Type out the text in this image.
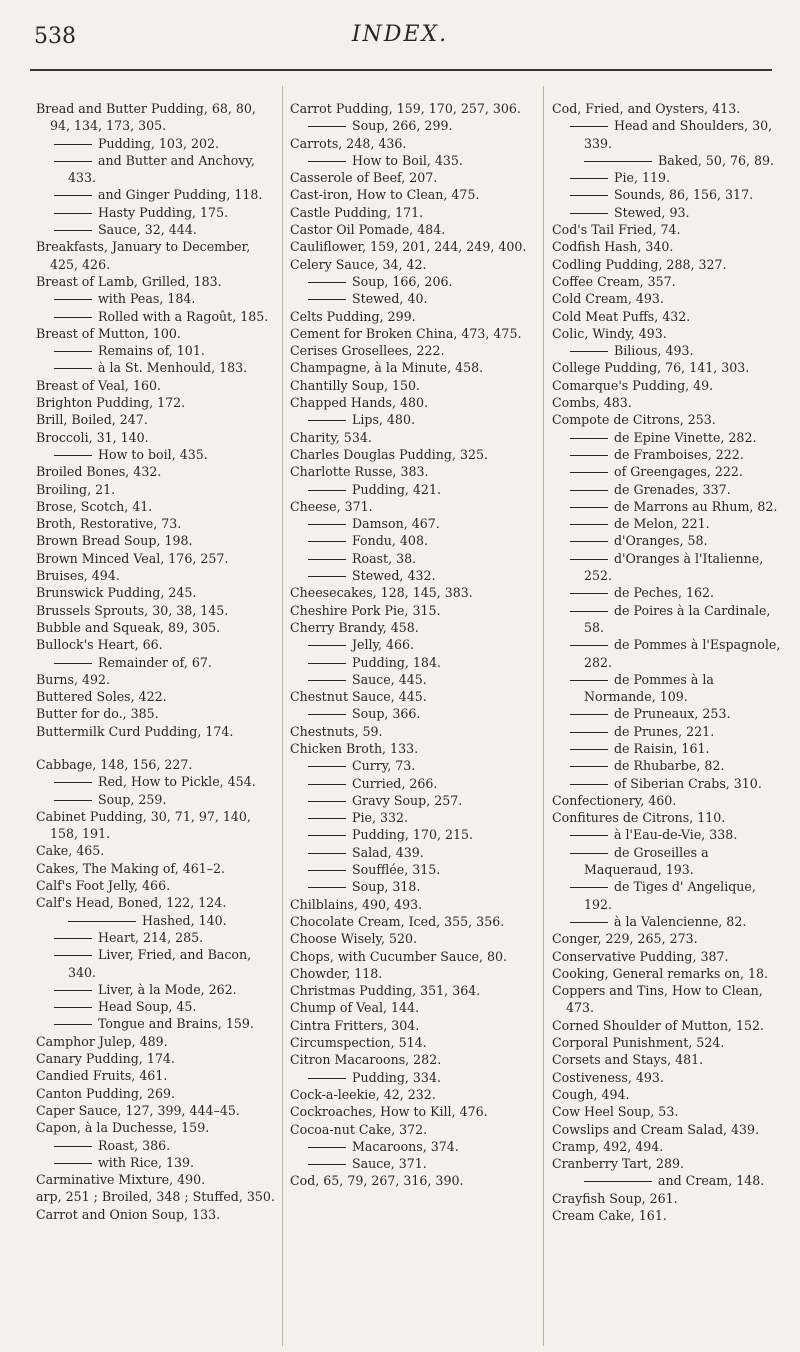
538	INDEX.
Bread and Butter Pudding, 68, 80, 94, 134, 173, 305.
Pudding, 103, 202.
and Butter and Anchovy, 433.
and Ginger Pudding, 118.
Hasty Pudding, 175.
Sauce, 32, 444.
Breakfasts, January to December, 425, 426.
Breast of Lamb, Grilled, 183.
with Peas, 184.
Rolled with a Ragoût, 185.
Breast of Mutton, 100.
Remains of, 101.
à la St. Menhould, 183.
Breast of Veal, 160.
Brighton Pudding, 172.
Brill, Boiled, 247.
Broccoli, 31, 140.
How to boil, 435.
Broiled Bones, 432.
Broiling, 21.
Brose, Scotch, 41.
Broth, Restorative, 73.
Brown Bread Soup, 198.
Brown Minced Veal, 176, 257.
Bruises, 494.
Brunswick Pudding, 245.
Brussels Sprouts, 30, 38, 145.
Bubble and Squeak, 89, 305.
Bullock's Heart, 66.
Remainder of, 67.
Burns, 492.
Buttered Soles, 422.
Butter for do., 385.
Buttermilk Curd Pudding, 174.
Cabbage, 148, 156, 227.
Red, How to Pickle, 454.
Soup, 259.
Cabinet Pudding, 30, 71, 97, 140, 158, 191.
Cake, 465.
Cakes, The Making of, 461–2.
Calf's Foot Jelly, 466.
Calf's Head, Boned, 122, 124.
Hashed, 140.
Heart, 214, 285.
Liver, Fried, and Bacon, 340.
Liver, à la Mode, 262.
Head Soup, 45.
Tongue and Brains, 159.
Camphor Julep, 489.
Canary Pudding, 174.
Candied Fruits, 461.
Canton Pudding, 269.
Caper Sauce, 127, 399, 444–45.
Capon, à la Duchesse, 159.
Roast, 386.
with Rice, 139.
Carminative Mixture, 490.
arp, 251 ; Broiled, 348 ; Stuffed, 350.
Carrot and Onion Soup, 133.
Carrot Pudding, 159, 170, 257, 306.
Soup, 266, 299.
Carrots, 248, 436.
How to Boil, 435.
Casserole of Beef, 207.
Cast-iron, How to Clean, 475.
Castle Pudding, 171.
Castor Oil Pomade, 484.
Cauliflower, 159, 201, 244, 249, 400.
Celery Sauce, 34, 42.
Soup, 166, 206.
Stewed, 40.
Celts Pudding, 299.
Cement for Broken China, 473, 475.
Cerises Grosellees, 222.
Champagne, à la Minute, 458.
Chantilly Soup, 150.
Chapped Hands, 480.
Lips, 480.
Charity, 534.
Charles Douglas Pudding, 325.
Charlotte Russe, 383.
Pudding, 421.
Cheese, 371.
Damson, 467.
Fondu, 408.
Roast, 38.
Stewed, 432.
Cheesecakes, 128, 145, 383.
Cheshire Pork Pie, 315.
Cherry Brandy, 458.
Jelly, 466.
Pudding, 184.
Sauce, 445.
Chestnut Sauce, 445.
Soup, 366.
Chestnuts, 59.
Chicken Broth, 133.
Curry, 73.
Curried, 266.
Gravy Soup, 257.
Pie, 332.
Pudding, 170, 215.
Salad, 439.
Soufflée, 315.
Soup, 318.
Chilblains, 490, 493.
Chocolate Cream, Iced, 355, 356.
Choose Wisely, 520.
Chops, with Cucumber Sauce, 80.
Chowder, 118.
Christmas Pudding, 351, 364.
Chump of Veal, 144.
Cintra Fritters, 304.
Circumspection, 514.
Citron Macaroons, 282.
Pudding, 334.
Cock-a-leekie, 42, 232.
Cockroaches, How to Kill, 476.
Cocoa-nut Cake, 372.
Macaroons, 374.
Sauce, 371.
Cod, 65, 79, 267, 316, 390.
Cod, Fried, and Oysters, 413.
Head and Shoulders, 30, 339.
Baked, 50, 76, 89.
Pie, 119.
Sounds, 86, 156, 317.
Stewed, 93.
Cod's Tail Fried, 74.
Codfish Hash, 340.
Codling Pudding, 288, 327.
Coffee Cream, 357.
Cold Cream, 493.
Cold Meat Puffs, 432.
Colic, Windy, 493.
Bilious, 493.
College Pudding, 76, 141, 303.
Comarque's Pudding, 49.
Combs, 483.
Compote de Citrons, 253.
de Epine Vinette, 282.
de Framboises, 222.
of Greengages, 222.
de Grenades, 337.
de Marrons au Rhum, 82.
de Melon, 221.
d'Oranges, 58.
d'Oranges à l'Italienne, 252.
de Peches, 162.
de Poires à la Cardinale, 58.
de Pommes à l'Espagnole, 282.
de Pommes à la Normande, 109.
de Pruneaux, 253.
de Prunes, 221.
de Raisin, 161.
de Rhubarbe, 82.
of Siberian Crabs, 310.
Confectionery, 460.
Confitures de Citrons, 110.
à l'Eau-de-Vie, 338.
de Groseilles a Maqueraud, 193.
de Tiges d' Angelique, 192.
à la Valencienne, 82.
Conger, 229, 265, 273.
Conservative Pudding, 387.
Cooking, General remarks on, 18.
Coppers and Tins, How to Clean, 473.
Corned Shoulder of Mutton, 152.
Corporal Punishment, 524.
Corsets and Stays, 481.
Costiveness, 493.
Cough, 494.
Cow Heel Soup, 53.
Cowslips and Cream Salad, 439.
Cramp, 492, 494.
Cranberry Tart, 289.
and Cream, 148.
Crayfish Soup, 261.
Cream Cake, 161.
